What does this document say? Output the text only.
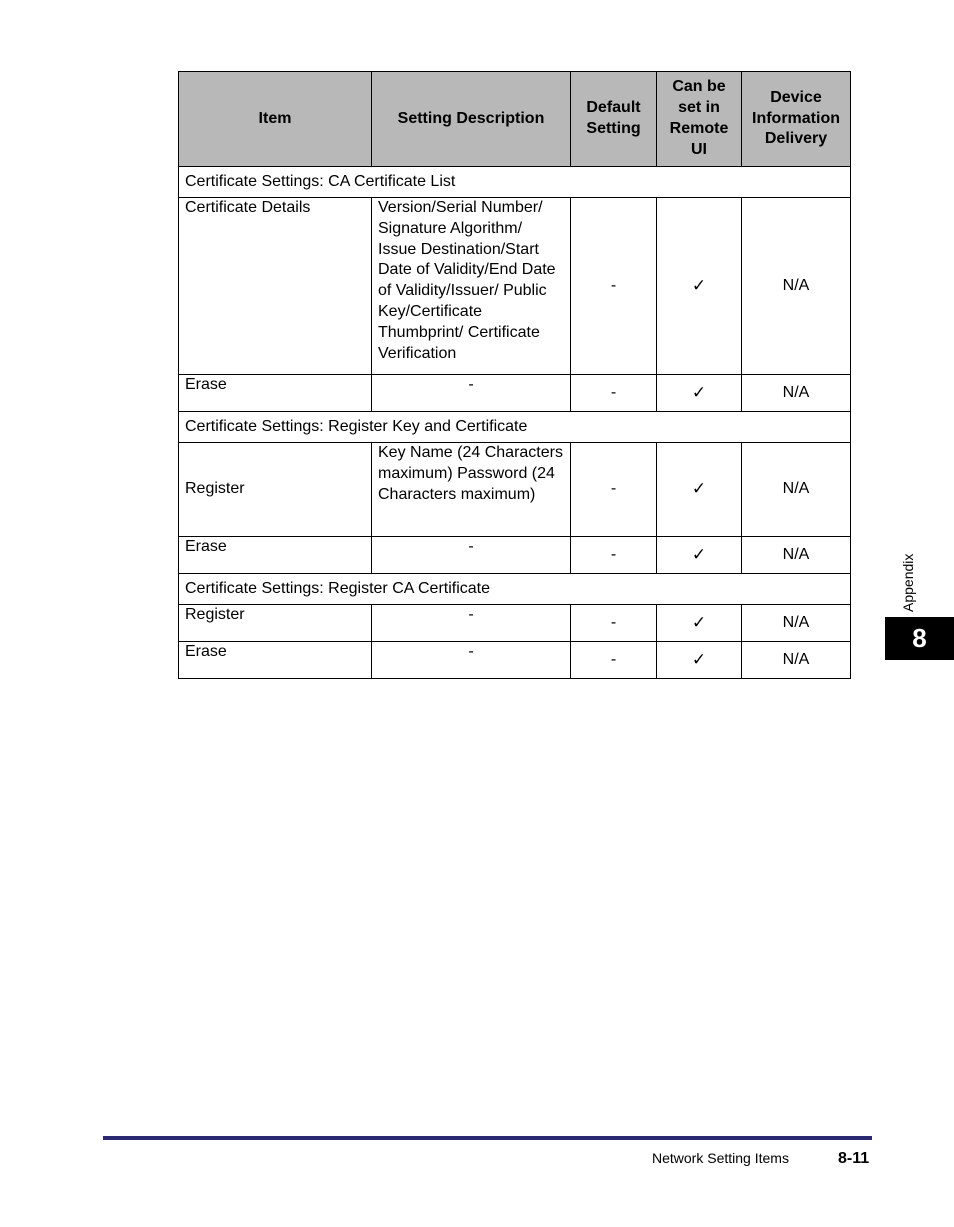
Item	Setting Description	Default Setting	Can be set in Remote UI	Device Information Delivery
Certificate Settings: CA Certificate List				
Certificate Details	Version/Serial Number/ Signature Algorithm/ Issue Destination/Start Date of Validity/End Date of Validity/Issuer/ Public Key/Certificate Thumbprint/ Certificate Verification	-	✓	N/A
Erase	-	-	✓	N/A
Certificate Settings: Register Key and Certificate				
Register	Key Name (24 Characters maximum) Password (24 Characters maximum)	-	✓	N/A
Erase	-	-	✓	N/A
Certificate Settings: Register CA Certificate				
Register	-	-	✓	N/A
Erase	-	-	✓	N/A
Appendix
8
Network Setting Items	8-11
